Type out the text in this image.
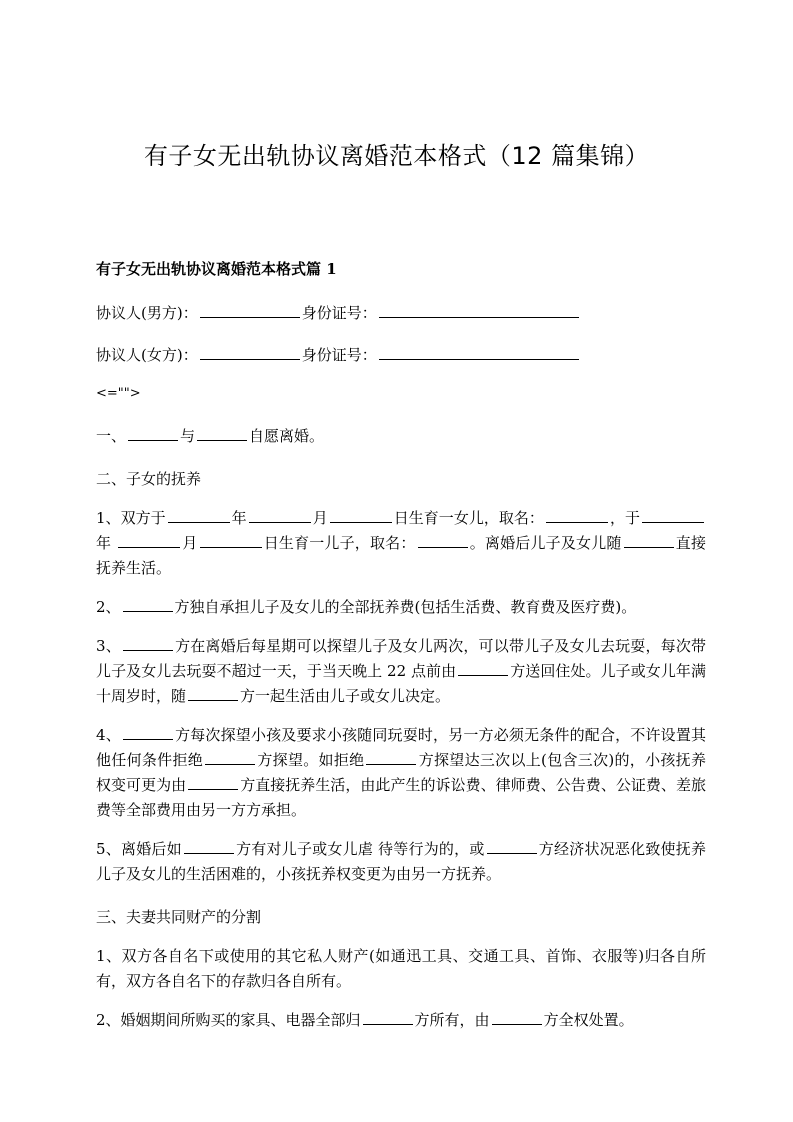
有子女无出轨协议离婚范本格式（12 篇集锦）
有子女无出轨协议离婚范本格式篇 1
协议人(男方)：	身份证号：
协议人(女方)：	身份证号：
<="">
一、	与	自愿离婚。
二、子女的抚养
1、双方于	年	月	日生育一女儿，取名：	，于年	月	日生育一儿子，取名：	。离婚后儿子及女儿随	直接抚养生活。
2、	方独自承担儿子及女儿的全部抚养费(包括生活费、教育费及医疗费)。
3、	方在离婚后每星期可以探望儿子及女儿两次，可以带儿子及女儿去玩耍，每次带儿子及女儿去玩耍不超过一天，于当天晚上 22 点前由	方送回住处。儿子或女儿年满十周岁时，随	方一起生活由儿子或女儿决定。
4、	方每次探望小孩及要求小孩随同玩耍时，另一方必须无条件的配合，不许设置其他任何条件拒绝	方探望。如拒绝	方探望达三次以上(包含三次)的，小孩抚养权变可更为由	方直接抚养生活，由此产生的诉讼费、律师费、公告费、公证费、差旅费等全部费用由另一方方承担。
5、离婚后如	方有对儿子或女儿虐 待等行为的，或	方经济状况恶化致使抚养儿子及女儿的生活困难的，小孩抚养权变更为由另一方抚养。
三、夫妻共同财产的分割
1、双方各自名下或使用的其它私人财产(如通迅工具、交通工具、首饰、衣服等)归各自所有，双方各自名下的存款归各自所有。
2、婚姻期间所购买的家具、电器全部归	方所有，由	方全权处置。
